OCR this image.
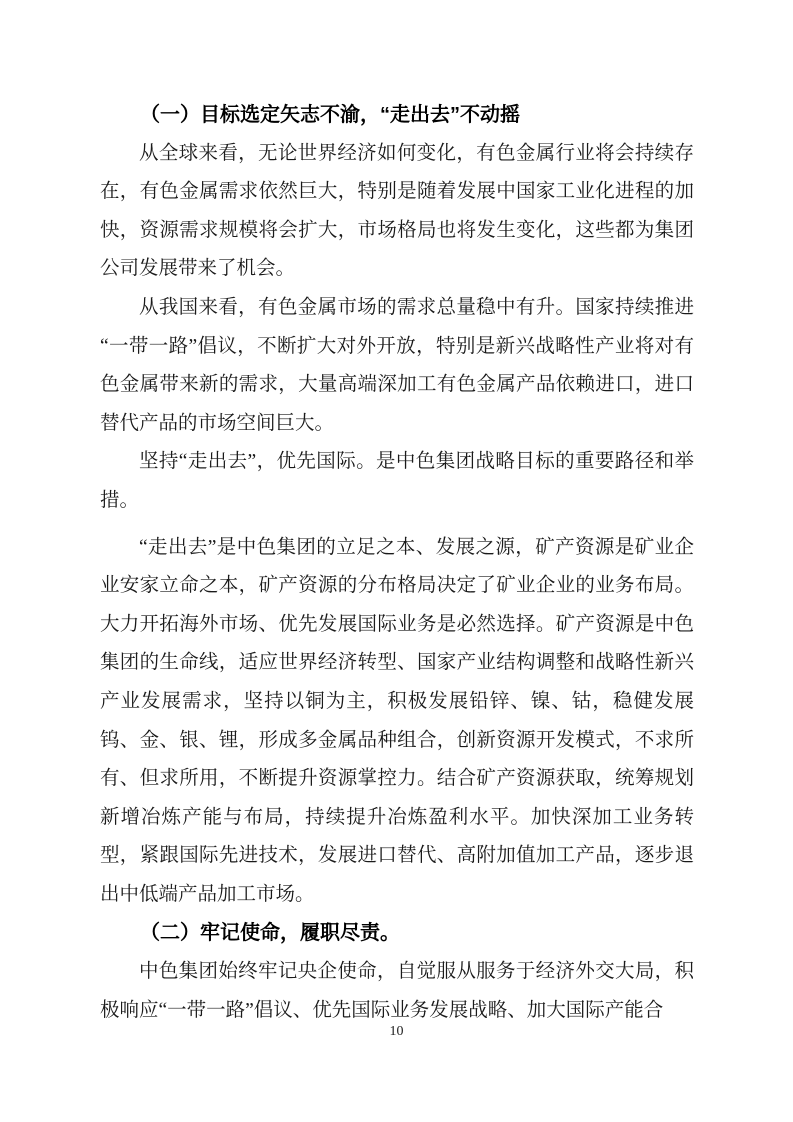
（一）目标选定矢志不渝，“走出去”不动摇

从全球来看，无论世界经济如何变化，有色金属行业将会持续存在，有色金属需求依然巨大，特别是随着发展中国家工业化进程的加快，资源需求规模将会扩大，市场格局也将发生变化，这些都为集团公司发展带来了机会。

从我国来看，有色金属市场的需求总量稳中有升。国家持续推进“一带一路”倡议，不断扩大对外开放，特别是新兴战略性产业将对有色金属带来新的需求，大量高端深加工有色金属产品依赖进口，进口替代产品的市场空间巨大。

坚持“走出去”，优先国际。是中色集团战略目标的重要路径和举措。

“走出去”是中色集团的立足之本、发展之源，矿产资源是矿业企业安家立命之本，矿产资源的分布格局决定了矿业企业的业务布局。大力开拓海外市场、优先发展国际业务是必然选择。矿产资源是中色集团的生命线，适应世界经济转型、国家产业结构调整和战略性新兴产业发展需求，坚持以铜为主，积极发展铅锌、镍、钴，稳健发展钨、金、银、锂，形成多金属品种组合，创新资源开发模式，不求所有、但求所用，不断提升资源掌控力。结合矿产资源获取，统筹规划新增冶炼产能与布局，持续提升冶炼盈利水平。加快深加工业务转型，紧跟国际先进技术，发展进口替代、高附加值加工产品，逐步退出中低端产品加工市场。

（二）牢记使命，履职尽责。

中色集团始终牢记央企使命，自觉服从服务于经济外交大局，积极响应“一带一路”倡议、优先国际业务发展战略、加大国际产能合

10
